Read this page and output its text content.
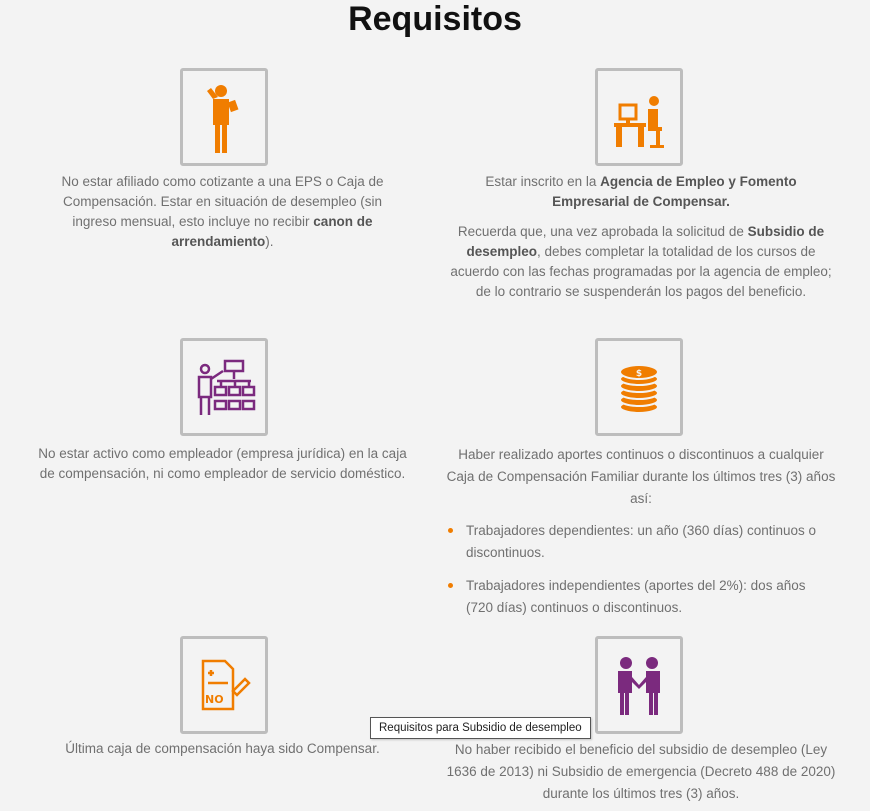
Requisitos
No estar afiliado como cotizante a una EPS o Caja de Compensación. Estar en situación de desempleo (sin ingreso mensual, esto incluye no recibir canon de arrendamiento).
Estar inscrito en la Agencia de Empleo y Fomento Empresarial de Compensar.
Recuerda que, una vez aprobada la solicitud de Subsidio de desempleo, debes completar la totalidad de los cursos de acuerdo con las fechas programadas por la agencia de empleo; de lo contrario se suspenderán los pagos del beneficio.
No estar activo como empleador (empresa jurídica) en la caja de compensación, ni como empleador de servicio doméstico.
$
Haber realizado aportes continuos o discontinuos a cualquier Caja de Compensación Familiar durante los últimos tres (3) años así:
Trabajadores dependientes: un año (360 días) continuos o discontinuos.
Trabajadores independientes (aportes del 2%): dos años (720 días) continuos o discontinuos.
NO
Última caja de compensación haya sido Compensar.	No haber recibido el beneficio del subsidio de desempleo (Ley 1636 de 2013) ni Subsidio de emergencia (Decreto 488 de 2020) durante los últimos tres (3) años.
Requisitos para Subsidio de desempleo
